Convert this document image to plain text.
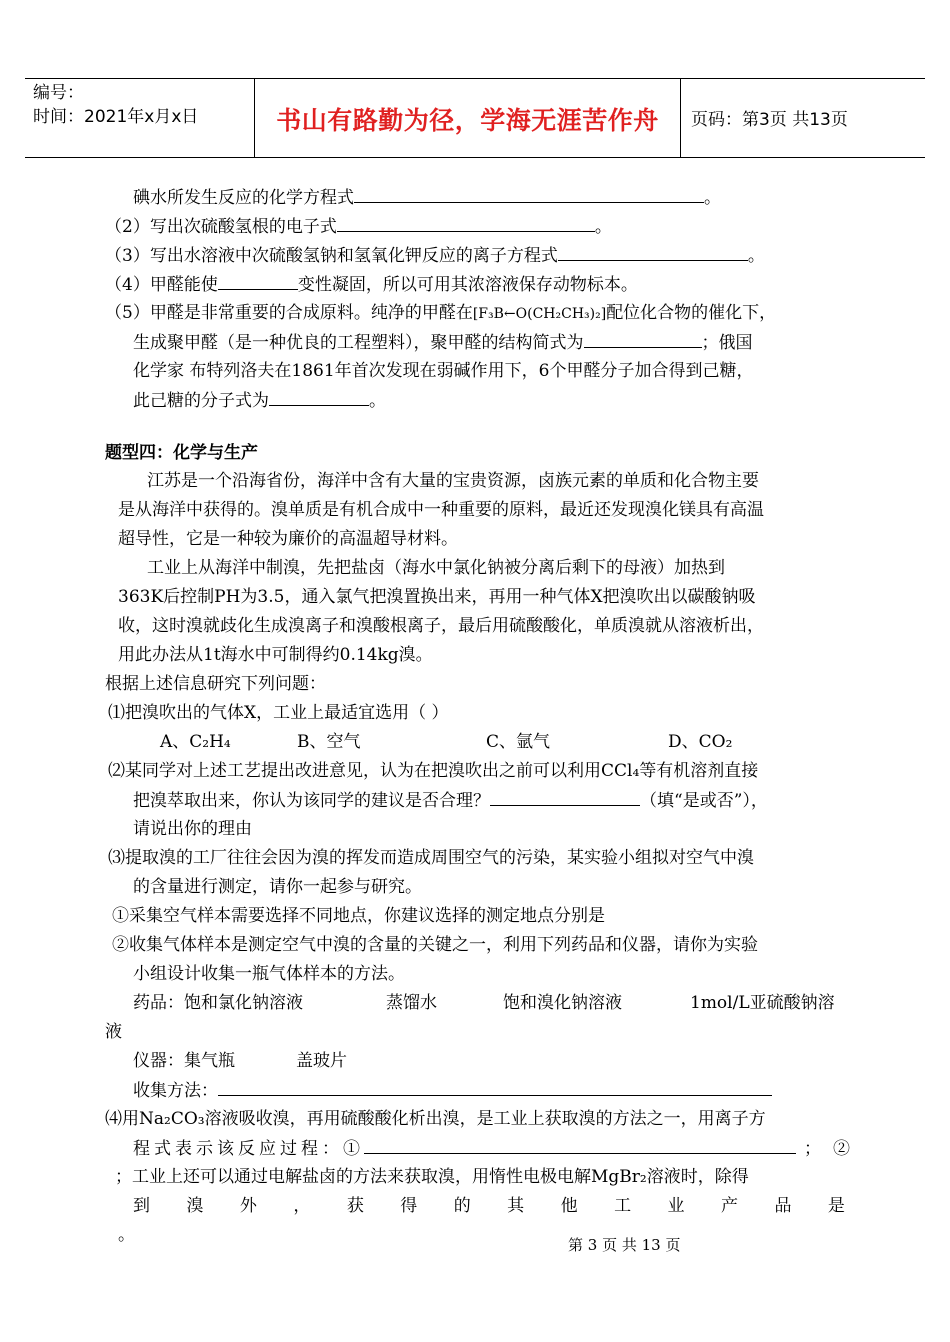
编号：
时间：2021年x月x日	书山有路勤为径，学海无涯苦作舟	页码：第3页 共13页
碘水所发生反应的化学方程式	。
（2）写出次硫酸氢根的电子式	。
（3）写出水溶液中次硫酸氢钠和氢氧化钾反应的离子方程式	。
（4）甲醛能使	变性凝固，所以可用其浓溶液保存动物标本。
（5）甲醛是非常重要的合成原料。纯净的甲醛在[F₃B←O(CH₂CH₃)₂]配位化合物的催化下，
生成聚甲醛（是一种优良的工程塑料），聚甲醛的结构简式为	；俄国
化学家 布特列洛夫在1861年首次发现在弱碱作用下，6个甲醛分子加合得到己糖，
此己糖的分子式为	。
题型四：化学与生产
江苏是一个沿海省份，海洋中含有大量的宝贵资源，卤族元素的单质和化合物主要
是从海洋中获得的。溴单质是有机合成中一种重要的原料，最近还发现溴化镁具有高温
超导性，它是一种较为廉价的高温超导材料。
工业上从海洋中制溴，先把盐卤（海水中氯化钠被分离后剩下的母液）加热到
363K后控制PH为3.5，通入氯气把溴置换出来，再用一种气体X把溴吹出以碳酸钠吸
收，这时溴就歧化生成溴离子和溴酸根离子，最后用硫酸酸化，单质溴就从溶液析出，
用此办法从1t海水中可制得约0.14kg溴。
根据上述信息研究下列问题：
⑴把溴吹出的气体X，工业上最适宜选用（ ）
A、C₂H₄	B、空气	C、氩气	D、CO₂
⑵某同学对上述工艺提出改进意见，认为在把溴吹出之前可以利用CCl₄等有机溶剂直接
把溴萃取出来，你认为该同学的建议是否合理？	（填“是或否”），
请说出你的理由
⑶提取溴的工厂往往会因为溴的挥发而造成周围空气的污染，某实验小组拟对空气中溴
的含量进行测定，请你一起参与研究。
①采集空气样本需要选择不同地点，你建议选择的测定地点分别是
②收集气体样本是测定空气中溴的含量的关键之一，利用下列药品和仪器，请你为实验
小组设计收集一瓶气体样本的方法。
药品：饱和氯化钠溶液	蒸馏水	饱和溴化钠溶液	1mol/L亚硫酸钠溶
液
仪器：集气瓶	盖玻片
收集方法：
⑷用Na₂CO₃溶液吸收溴，再用硫酸酸化析出溴，是工业上获取溴的方法之一，用离子方
程式表示该反应过程：①	；②
；工业上还可以通过电解盐卤的方法来获取溴，用惰性电极电解MgBr₂溶液时，除得
到 溴 外 ， 获 得 的 其 他 工 业 产 品 是
。	第 3 页 共 13 页
